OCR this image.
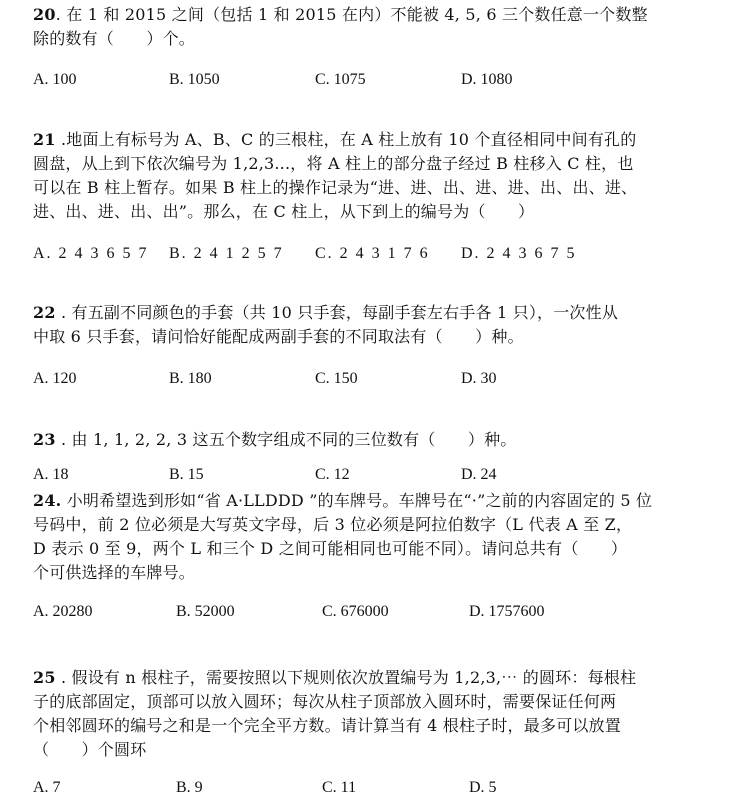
20. 在 1 和 2015 之间（包括 1 和 2015 在内）不能被 4, 5, 6 三个数任意一个数整
除的数有（　　）个。

A. 100	B. 1050	C. 1075	D. 1080

21 .地面上有标号为 A、B、C 的三根柱，在 A 柱上放有 10 个直径相同中间有孔的
圆盘，从上到下依次编号为 1,2,3...，将 A 柱上的部分盘子经过 B 柱移入 C 柱，也
可以在 B 柱上暂存。如果 B 柱上的操作记录为“进、进、出、进、进、出、出、进、
进、出、进、出、出”。那么，在 C 柱上，从下到上的编号为（　　）

A. 2 4 3 6 5 7 B. 2 4 1 2 5 7 C. 2 4 3 1 7 6 D. 2 4 3 6 7 5

22 . 有五副不同颜色的手套（共 10 只手套，每副手套左右手各 1 只），一次性从
中取 6 只手套，请问恰好能配成两副手套的不同取法有（　　）种。

A. 120	B. 180	C. 150	D. 30

23 . 由 1, 1, 2, 2, 3 这五个数字组成不同的三位数有（　　）种。

A. 18	B. 15	C. 12	D. 24

24. 小明希望选到形如“省 A·LLDDD ”的车牌号。车牌号在“·”之前的内容固定的 5 位
号码中，前 2 位必须是大写英文字母，后 3 位必须是阿拉伯数字（L 代表 A 至 Z，
D 表示 0 至 9，两个 L 和三个 D 之间可能相同也可能不同）。请问总共有（　　）
个可供选择的车牌号。

A. 20280	B. 52000	C. 676000	D. 1757600

25 . 假设有 n 根柱子，需要按照以下规则依次放置编号为 1,2,3,⋯ 的圆环：每根柱
子的底部固定，顶部可以放入圆环；每次从柱子顶部放入圆环时，需要保证任何两
个相邻圆环的编号之和是一个完全平方数。请计算当有 4 根柱子时，最多可以放置
（　　）个圆环

A. 7	B. 9	C. 11	D. 5
